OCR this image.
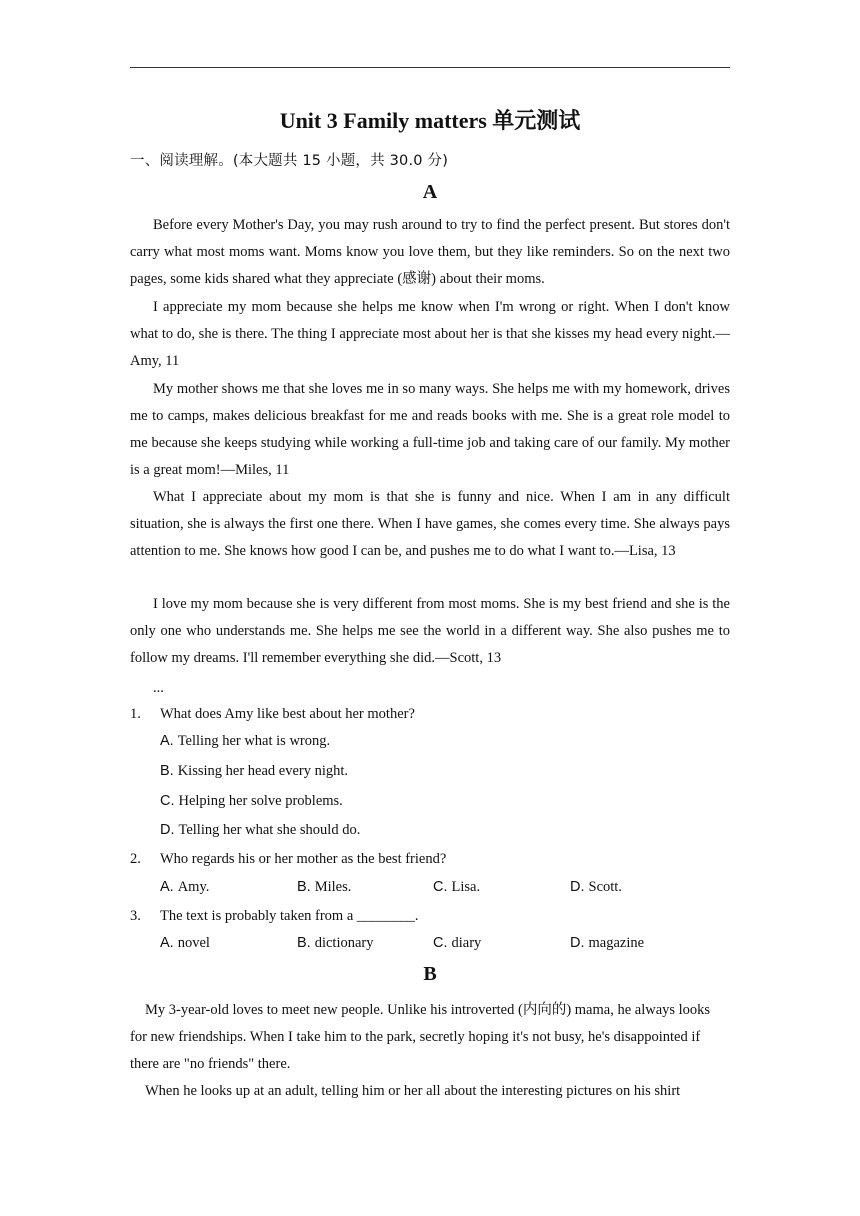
Unit 3 Family matters 单元测试
一、阅读理解。(本大题共 15 小题，共 30.0 分)
A
Before every Mother's Day, you may rush around to try to find the perfect present. But stores don't carry what most moms want. Moms know you love them, but they like reminders. So on the next two pages, some kids shared what they appreciate (感谢) about their moms.
I appreciate my mom because she helps me know when I'm wrong or right. When I don't know what to do, she is there. The thing I appreciate most about her is that she kisses my head every night.—Amy, 11
My mother shows me that she loves me in so many ways. She helps me with my homework, drives me to camps, makes delicious breakfast for me and reads books with me. She is a great role model to me because she keeps studying while working a full-time job and taking care of our family. My mother is a great mom!—Miles, 11
What I appreciate about my mom is that she is funny and nice. When I am in any difficult situation, she is always the first one there. When I have games, she comes every time. She always pays attention to me. She knows how good I can be, and pushes me to do what I want to.—Lisa, 13
I love my mom because she is very different from most moms. She is my best friend and she is the only one who understands me. She helps me see the world in a different way. She also pushes me to follow my dreams. I'll remember everything she did.—Scott, 13
...
1. What does Amy like best about her mother?
A. Telling her what is wrong.
B. Kissing her head every night.
C. Helping her solve problems.
D. Telling her what she should do.
2. Who regards his or her mother as the best friend?
A. Amy.	B. Miles.	C. Lisa.	D. Scott.
3. The text is probably taken from a ________.
A. novel	B. dictionary	C. diary	D. magazine
B
My 3-year-old loves to meet new people. Unlike his introverted (内向的) mama, he always looks for new friendships. When I take him to the park, secretly hoping it's not busy, he's disappointed if there are "no friends" there.
When he looks up at an adult, telling him or her all about the interesting pictures on his shirt
